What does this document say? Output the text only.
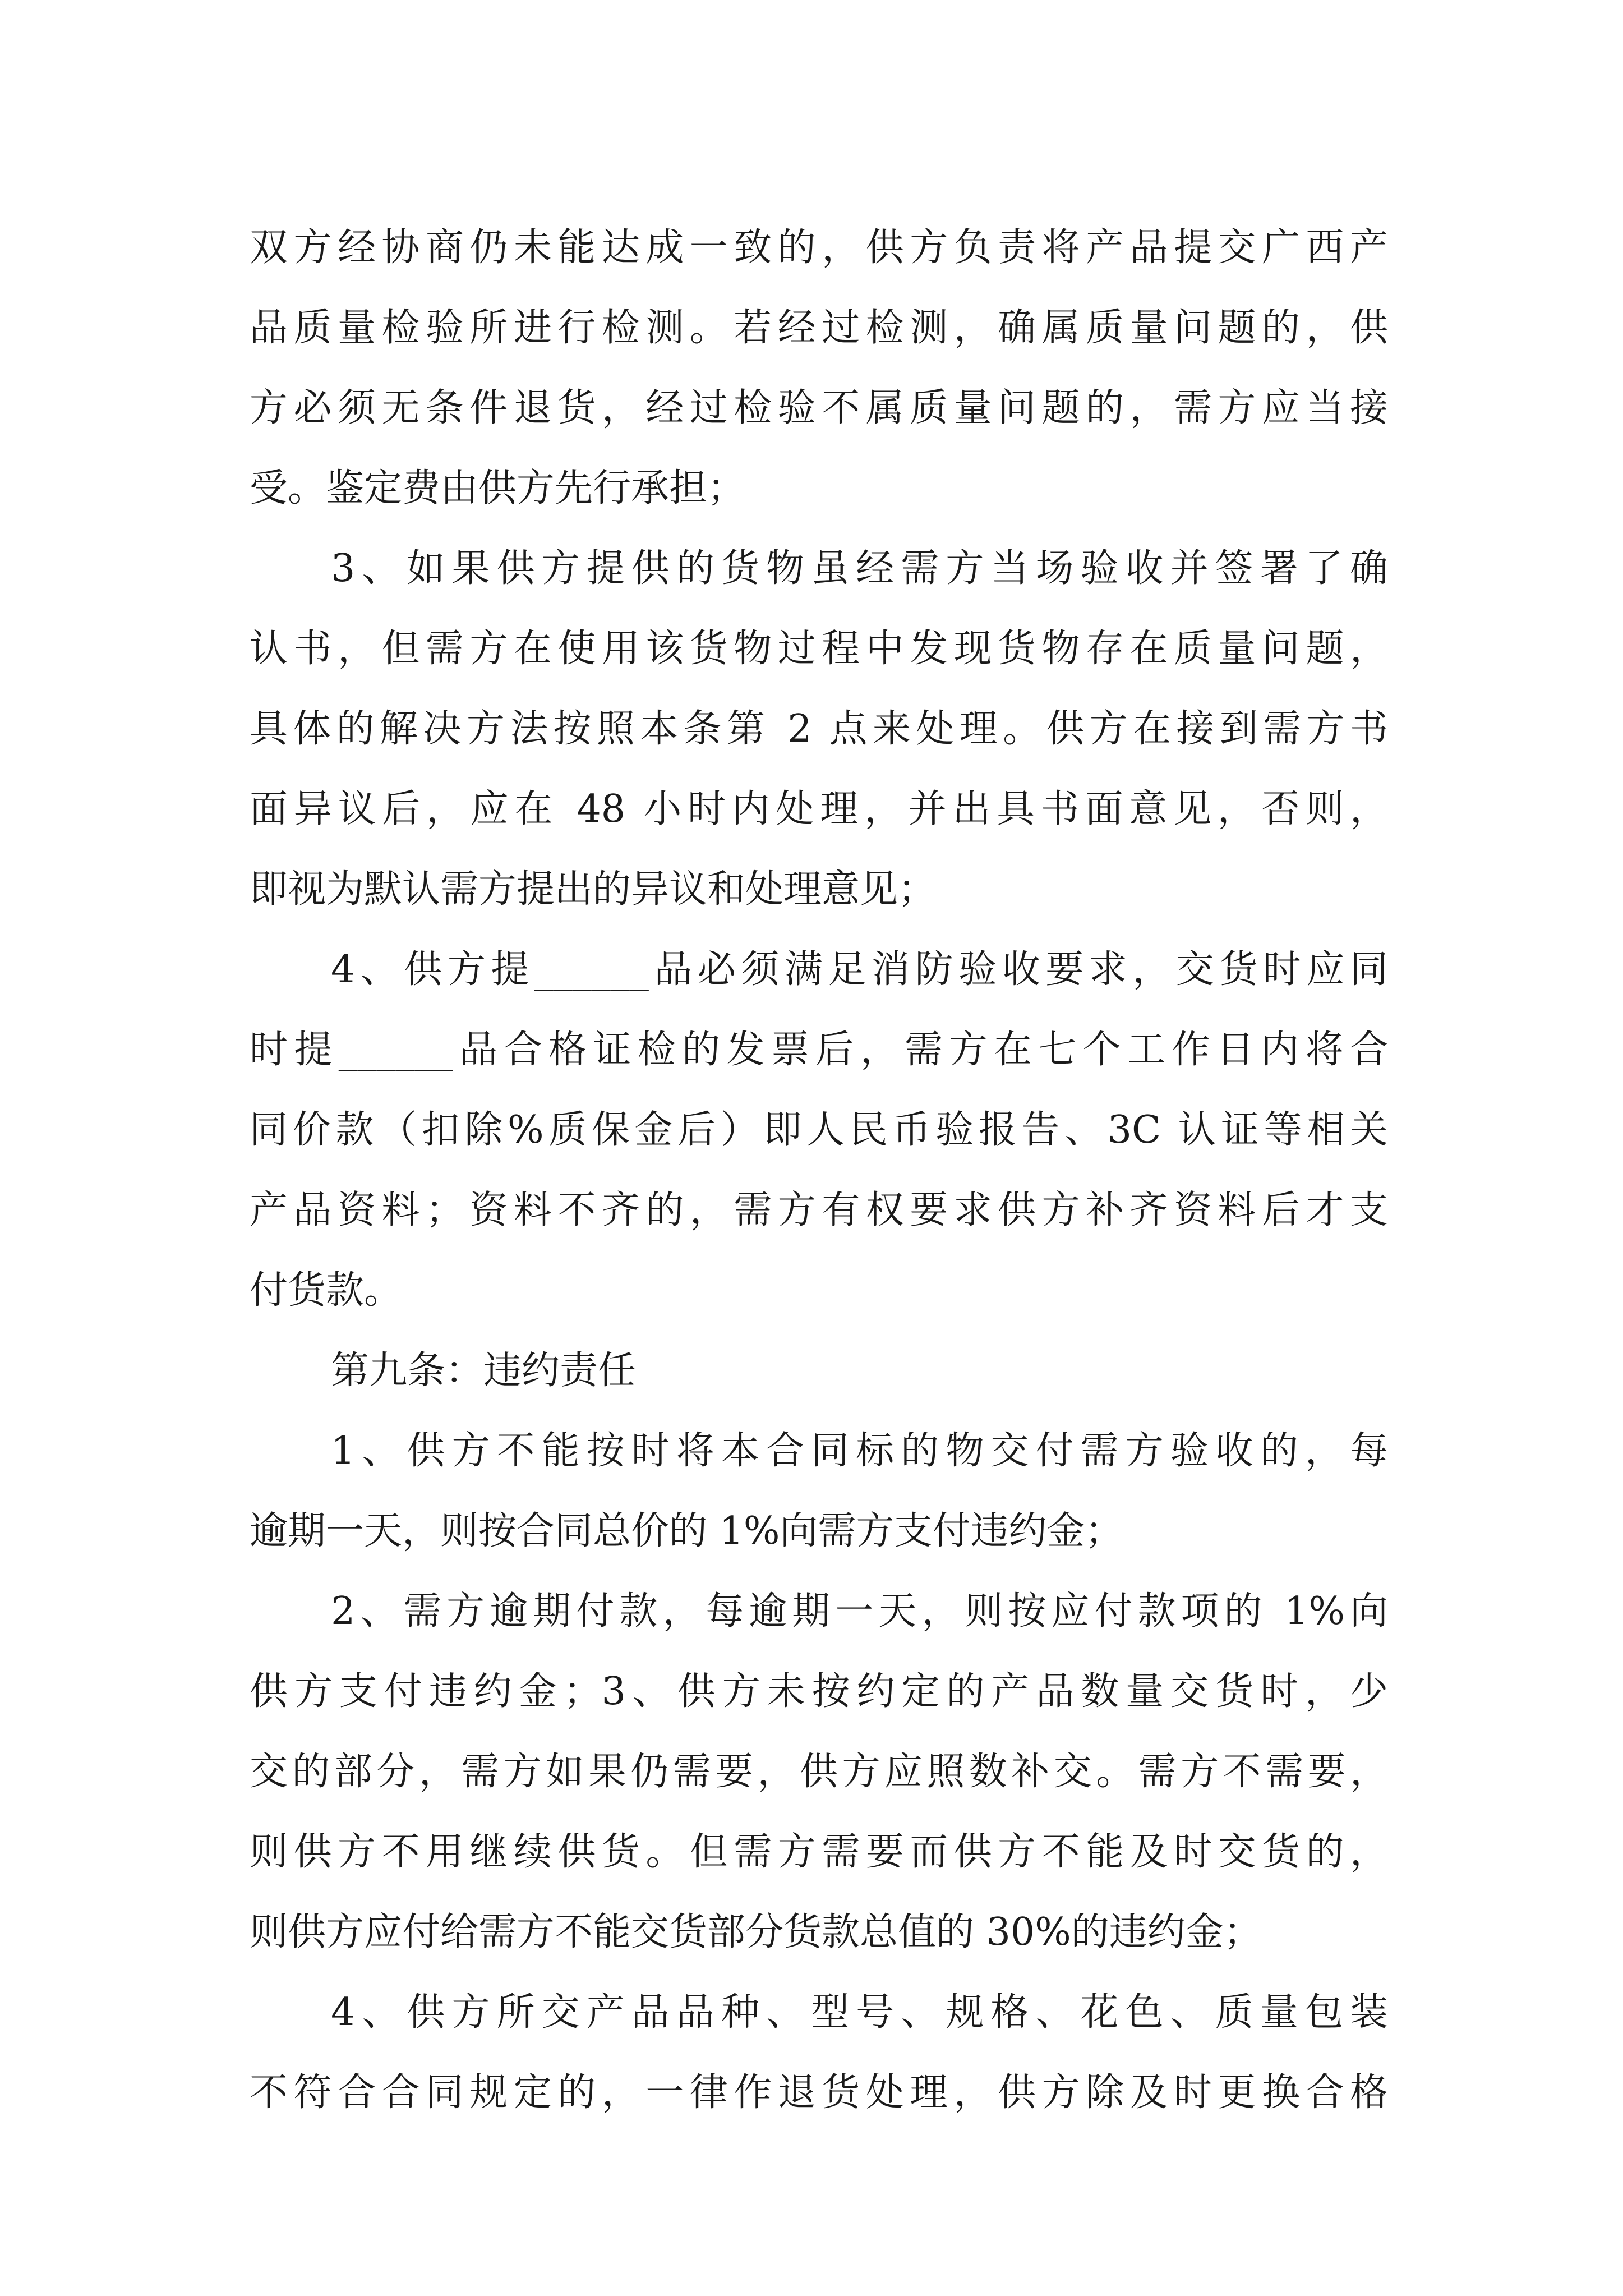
双方经协商仍未能达成一致的，供方负责将产品提交广西产
品质量检验所进行检测。若经过检测，确属质量问题的，供
方必须无条件退货，经过检验不属质量问题的，需方应当接
受。鉴定费由供方先行承担；
3、如果供方提供的货物虽经需方当场验收并签署了确
认书，但需方在使用该货物过程中发现货物存在质量问题，
具体的解决方法按照本条第 2 点来处理。供方在接到需方书
面异议后，应在 48 小时内处理，并出具书面意见，否则，
即视为默认需方提出的异议和处理意见；
4、供方提______品必须满足消防验收要求，交货时应同
时提______品合格证检的发票后，需方在七个工作日内将合
同价款（扣除%质保金后）即人民币验报告、3C 认证等相关
产品资料；资料不齐的，需方有权要求供方补齐资料后才支
付货款。
第九条：违约责任
1、供方不能按时将本合同标的物交付需方验收的，每
逾期一天，则按合同总价的 1%向需方支付违约金；
2、需方逾期付款，每逾期一天，则按应付款项的 1%向
供方支付违约金；3、供方未按约定的产品数量交货时，少
交的部分，需方如果仍需要，供方应照数补交。需方不需要，
则供方不用继续供货。但需方需要而供方不能及时交货的，
则供方应付给需方不能交货部分货款总值的 30%的违约金；
4、供方所交产品品种、型号、规格、花色、质量包装
不符合合同规定的，一律作退货处理，供方除及时更换合格
